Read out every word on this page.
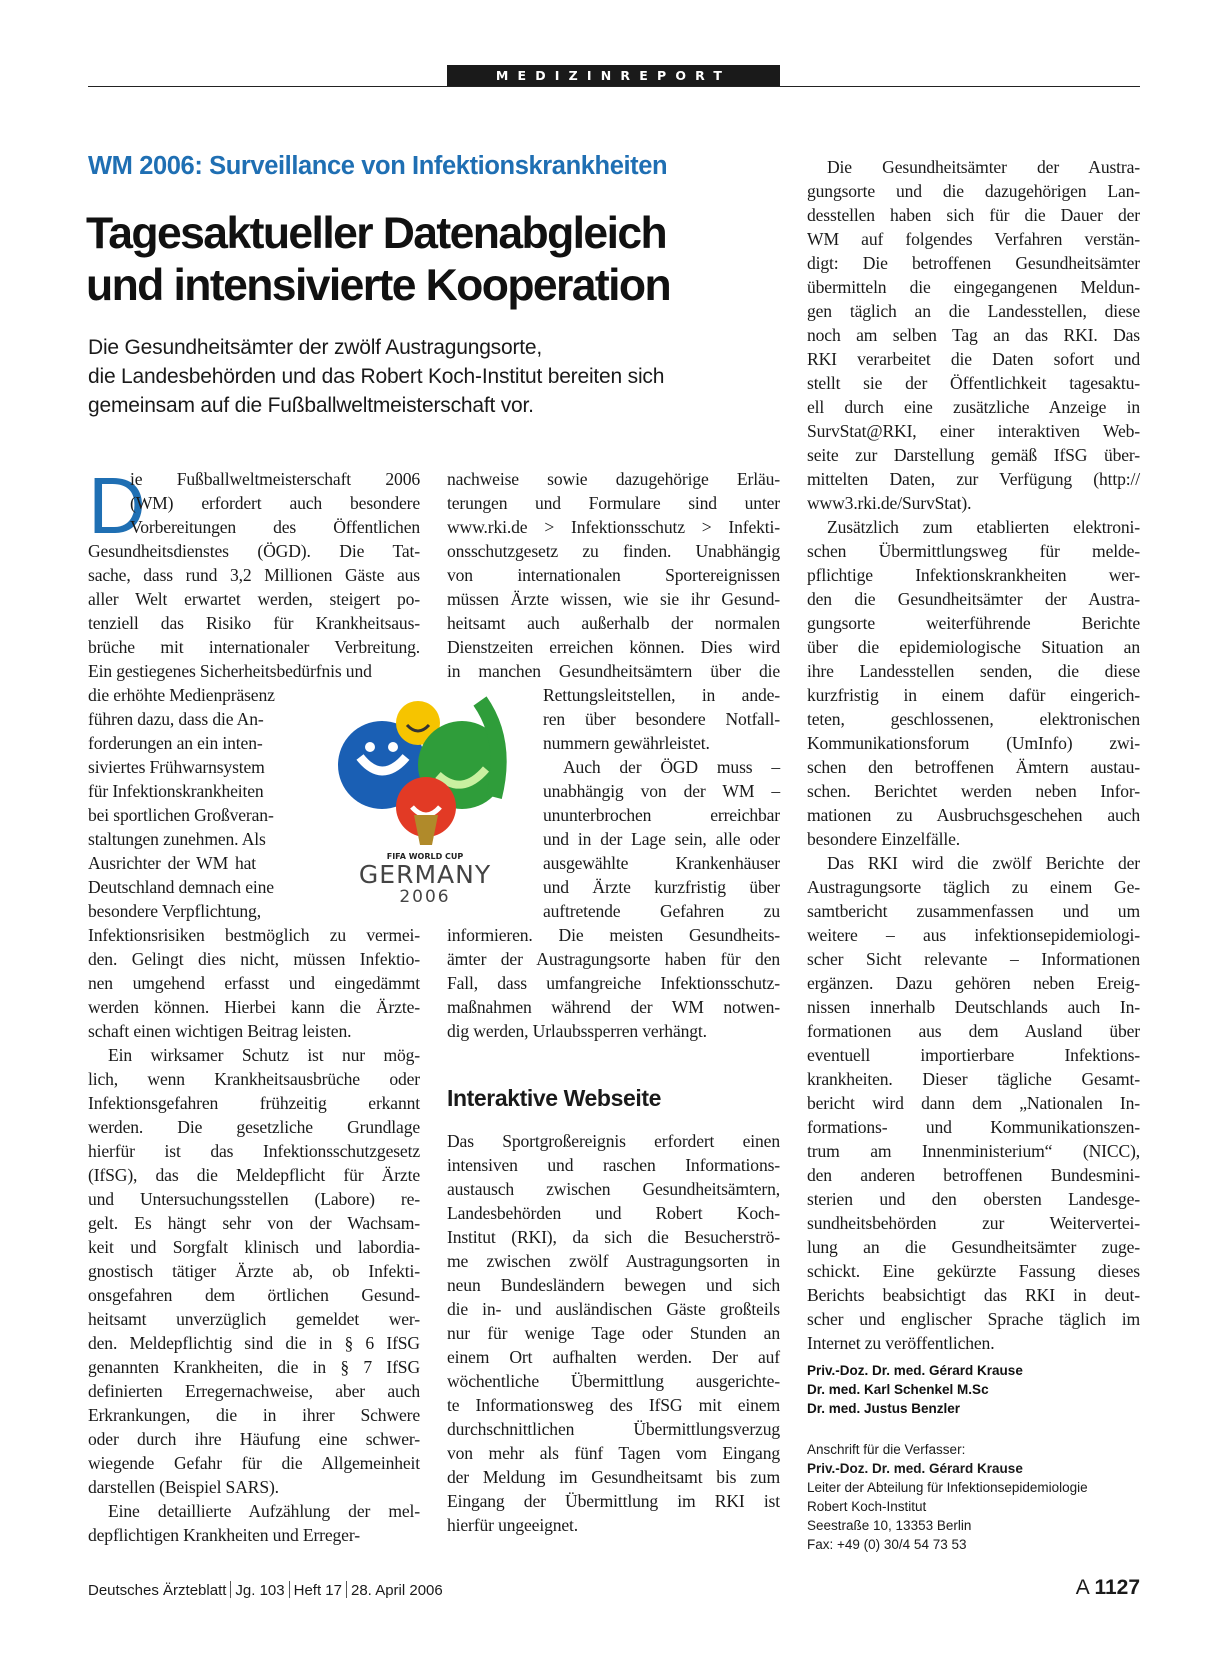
MEDIZINREPORT
WM 2006: Surveillance von Infektionskrankheiten
Tagesaktueller Datenabgleich
und intensivierte Kooperation
Die Gesundheitsämter der zwölf Austragungsorte,
die Landesbehörden und das Robert Koch-Institut bereiten sich
gemeinsam auf die Fußballweltmeisterschaft vor.
D
ie Fußballweltmeisterschaft 2006
(WM) erfordert auch besondere
Vorbereitungen des Öffentlichen
Gesundheitsdienstes (ÖGD). Die Tat-
sache, dass rund 3,2 Millionen Gäste aus
aller Welt erwartet werden, steigert po-
tenziell das Risiko für Krankheitsaus-
brüche mit internationaler Verbreitung.
Ein gestiegenes Sicherheitsbedürfnis und
die erhöhte Medienpräsenz
führen dazu, dass die An-
forderungen an ein inten-
siviertes Frühwarnsystem
für Infektionskrankheiten
bei sportlichen Großveran-
staltungen zunehmen. Als
Ausrichter der WM hat
Deutschland demnach eine
besondere Verpflichtung,
Infektionsrisiken bestmöglich zu vermei-
den. Gelingt dies nicht, müssen Infektio-
nen umgehend erfasst und eingedämmt
werden können. Hierbei kann die Ärzte-
schaft einen wichtigen Beitrag leisten.
Ein wirksamer Schutz ist nur mög-
lich, wenn Krankheitsausbrüche oder
Infektionsgefahren frühzeitig erkannt
werden. Die gesetzliche Grundlage
hierfür ist das Infektionsschutzgesetz
(IfSG), das die Meldepflicht für Ärzte
und Untersuchungsstellen (Labore) re-
gelt. Es hängt sehr von der Wachsam-
keit und Sorgfalt klinisch und labordia-
gnostisch tätiger Ärzte ab, ob Infekti-
onsgefahren dem örtlichen Gesund-
heitsamt unverzüglich gemeldet wer-
den. Meldepflichtig sind die in § 6 IfSG
genannten Krankheiten, die in § 7 IfSG
definierten Erregernachweise, aber auch
Erkrankungen, die in ihrer Schwere
oder durch ihre Häufung eine schwer-
wiegende Gefahr für die Allgemeinheit
darstellen (Beispiel SARS).
Eine detaillierte Aufzählung der mel-
depflichtigen Krankheiten und Erreger-
nachweise sowie dazugehörige Erläu-
terungen und Formulare sind unter
www.rki.de > Infektionsschutz > Infekti-
onsschutzgesetz zu finden. Unabhängig
von internationalen Sportereignissen
müssen Ärzte wissen, wie sie ihr Gesund-
heitsamt auch außerhalb der normalen
Dienstzeiten erreichen können. Dies wird
in manchen Gesundheitsämtern über die
Rettungsleitstellen, in ande-
ren über besondere Notfall-
nummern gewährleistet.
Auch der ÖGD muss –
unabhängig von der WM –
ununterbrochen erreichbar
und in der Lage sein, alle oder
ausgewählte Krankenhäuser
und Ärzte kurzfristig über
auftretende Gefahren zu
informieren. Die meisten Gesundheits-
ämter der Austragungsorte haben für den
Fall, dass umfangreiche Infektionsschutz-
maßnahmen während der WM notwen-
dig werden, Urlaubssperren verhängt.
Interaktive Webseite
Das Sportgroßereignis erfordert einen
intensiven und raschen Informations-
austausch zwischen Gesundheitsämtern,
Landesbehörden und Robert Koch-
Institut (RKI), da sich die Besucherströ-
me zwischen zwölf Austragungsorten in
neun Bundesländern bewegen und sich
die in- und ausländischen Gäste großteils
nur für wenige Tage oder Stunden an
einem Ort aufhalten werden. Der auf
wöchentliche Übermittlung ausgerichte-
te Informationsweg des IfSG mit einem
durchschnittlichen Übermittlungsverzug
von mehr als fünf Tagen vom Eingang
der Meldung im Gesundheitsamt bis zum
Eingang der Übermittlung im RKI ist
hierfür ungeeignet.
Die Gesundheitsämter der Austra-
gungsorte und die dazugehörigen Lan-
desstellen haben sich für die Dauer der
WM auf folgendes Verfahren verstän-
digt: Die betroffenen Gesundheitsämter
übermitteln die eingegangenen Meldun-
gen täglich an die Landesstellen, diese
noch am selben Tag an das RKI. Das
RKI verarbeitet die Daten sofort und
stellt sie der Öffentlichkeit tagesaktu-
ell durch eine zusätzliche Anzeige in
SurvStat@RKI, einer interaktiven Web-
seite zur Darstellung gemäß IfSG über-
mittelten Daten, zur Verfügung (http://
www3.rki.de/SurvStat).
Zusätzlich zum etablierten elektroni-
schen Übermittlungsweg für melde-
pflichtige Infektionskrankheiten wer-
den die Gesundheitsämter der Austra-
gungsorte weiterführende Berichte
über die epidemiologische Situation an
ihre Landesstellen senden, die diese
kurzfristig in einem dafür eingerich-
teten, geschlossenen, elektronischen
Kommunikationsforum (UmInfo) zwi-
schen den betroffenen Ämtern austau-
schen. Berichtet werden neben Infor-
mationen zu Ausbruchsgeschehen auch
besondere Einzelfälle.
Das RKI wird die zwölf Berichte der
Austragungsorte täglich zu einem Ge-
samtbericht zusammenfassen und um
weitere – aus infektionsepidemiologi-
scher Sicht relevante – Informationen
ergänzen. Dazu gehören neben Ereig-
nissen innerhalb Deutschlands auch In-
formationen aus dem Ausland über
eventuell importierbare Infektions-
krankheiten. Dieser tägliche Gesamt-
bericht wird dann dem „Nationalen In-
formations- und Kommunikationszen-
trum am Innenministerium“ (NICC),
den anderen betroffenen Bundesmini-
sterien und den obersten Landesge-
sundheitsbehörden zur Weitervertei-
lung an die Gesundheitsämter zuge-
schickt. Eine gekürzte Fassung dieses
Berichts beabsichtigt das RKI in deut-
scher und englischer Sprache täglich im
Internet zu veröffentlichen.
Priv.-Doz. Dr. med. Gérard Krause
Dr. med. Karl Schenkel M.Sc
Dr. med. Justus Benzler
Anschrift für die Verfasser:
Priv.-Doz. Dr. med. Gérard Krause
Leiter der Abteilung für Infektionsepidemiologie
Robert Koch-Institut
Seestraße 10, 13353 Berlin
Fax: +49 (0) 30/4 54 73 53
FIFA WORLD CUP
GERMANY
2006
Deutsches Ärzteblatt Jg. 103 Heft 17 28. April 2006	A 1127
